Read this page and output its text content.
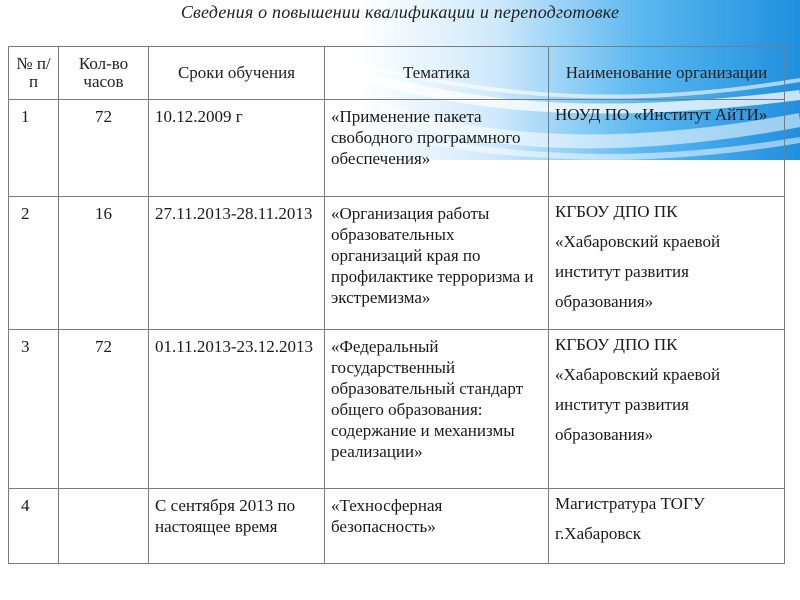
Сведения о повышении квалификации и переподготовке
№ п/п	Кол-во часов	Сроки обучения	Тематика	Наименование организации
1	72	10.12.2009 г	«Применение пакета свободного программного обеспечения»	НОУД ПО «Институт АйТИ»
2	16	27.11.2013-28.11.2013	«Организация работы образовательных организаций края по профилактике терроризма и экстремизма»	КГБОУ ДПО ПК «Хабаровский краевой институт развития образования»
3	72	01.11.2013-23.12.2013	«Федеральный государственный образовательный стандарт общего образования: содержание и механизмы реализации»	КГБОУ ДПО ПК «Хабаровский краевой институт развития образования»
4		С сентября 2013 по настоящее время	«Техносферная безопасность»	Магистратура ТОГУ г.Хабаровск
